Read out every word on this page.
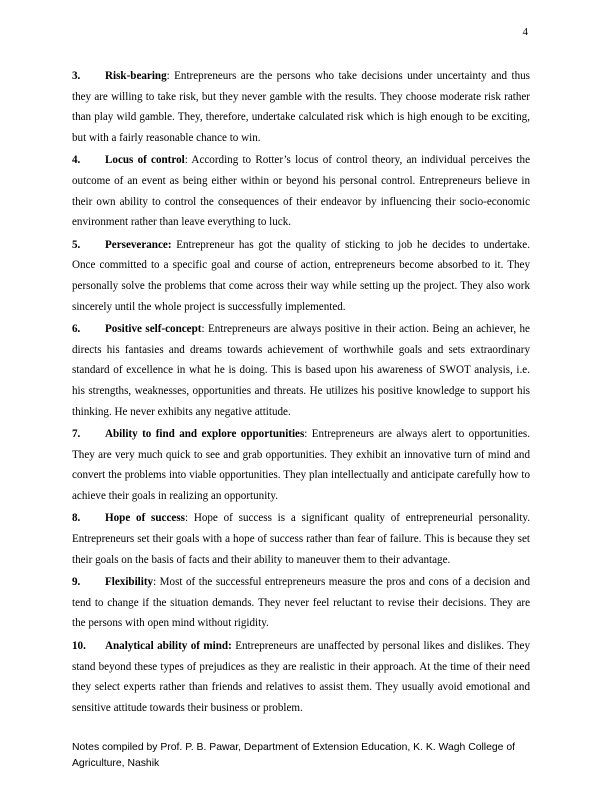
4

3. Risk-bearing: Entrepreneurs are the persons who take decisions under uncertainty and thus they are willing to take risk, but they never gamble with the results. They choose moderate risk rather than play wild gamble. They, therefore, undertake calculated risk which is high enough to be exciting, but with a fairly reasonable chance to win.

4. Locus of control: According to Rotter’s locus of control theory, an individual perceives the outcome of an event as being either within or beyond his personal control. Entrepreneurs believe in their own ability to control the consequences of their endeavor by influencing their socio-economic environment rather than leave everything to luck.

5. Perseverance: Entrepreneur has got the quality of sticking to job he decides to undertake. Once committed to a specific goal and course of action, entrepreneurs become absorbed to it. They personally solve the problems that come across their way while setting up the project. They also work sincerely until the whole project is successfully implemented.

6. Positive self-concept: Entrepreneurs are always positive in their action. Being an achiever, he directs his fantasies and dreams towards achievement of worthwhile goals and sets extraordinary standard of excellence in what he is doing. This is based upon his awareness of SWOT analysis, i.e. his strengths, weaknesses, opportunities and threats. He utilizes his positive knowledge to support his thinking. He never exhibits any negative attitude.

7. Ability to find and explore opportunities: Entrepreneurs are always alert to opportunities. They are very much quick to see and grab opportunities. They exhibit an innovative turn of mind and convert the problems into viable opportunities. They plan intellectually and anticipate carefully how to achieve their goals in realizing an opportunity.

8. Hope of success: Hope of success is a significant quality of entrepreneurial personality. Entrepreneurs set their goals with a hope of success rather than fear of failure. This is because they set their goals on the basis of facts and their ability to maneuver them to their advantage.

9. Flexibility: Most of the successful entrepreneurs measure the pros and cons of a decision and tend to change if the situation demands. They never feel reluctant to revise their decisions. They are the persons with open mind without rigidity.

10. Analytical ability of mind: Entrepreneurs are unaffected by personal likes and dislikes. They stand beyond these types of prejudices as they are realistic in their approach. At the time of their need they select experts rather than friends and relatives to assist them. They usually avoid emotional and sensitive attitude towards their business or problem.

Notes compiled by Prof. P. B. Pawar, Department of Extension Education, K. K. Wagh College of Agriculture, Nashik
